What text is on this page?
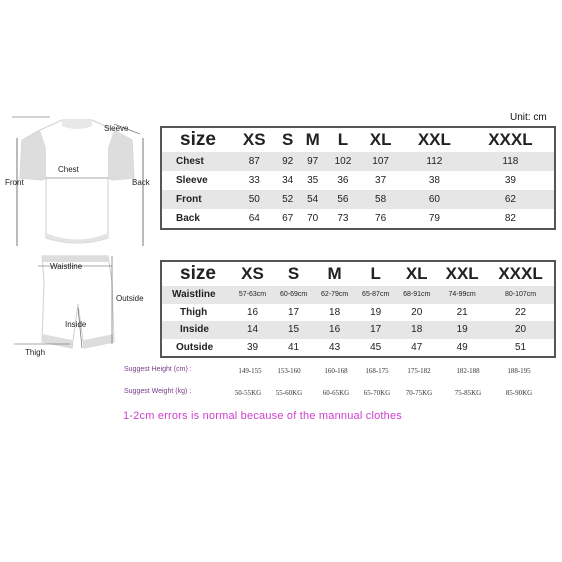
Sleeve
Chest
Front	Back
Waistline
Outside
Inside
Thigh
Unit: cm
size	XS	S	M	L	XL	XXL	XXXL
Chest	87	92	97	102	107	112	118
Sleeve	33	34	35	36	37	38	39
Front	50	52	54	56	58	60	62
Back	64	67	70	73	76	79	82
size	XS	S	M	L	XL	XXL	XXXL
Waistline	57-63cm	60-69cm	62-79cm	65-87cm	68-91cm	74-99cm	80-107cm
Thigh	16	17	18	19	20	21	22
Inside	14	15	16	17	18	19	20
Outside	39	41	43	45	47	49	51
Suggest Height (cm) :	149-155	153-160	160-168	168-175	175-182	182-188	188-195
Suggest Weight (kg) :	50-55KG	55-60KG	60-65KG	65-70KG	70-75KG	75-85KG	85-90KG
1-2cm errors is normal because of the mannual clothes
